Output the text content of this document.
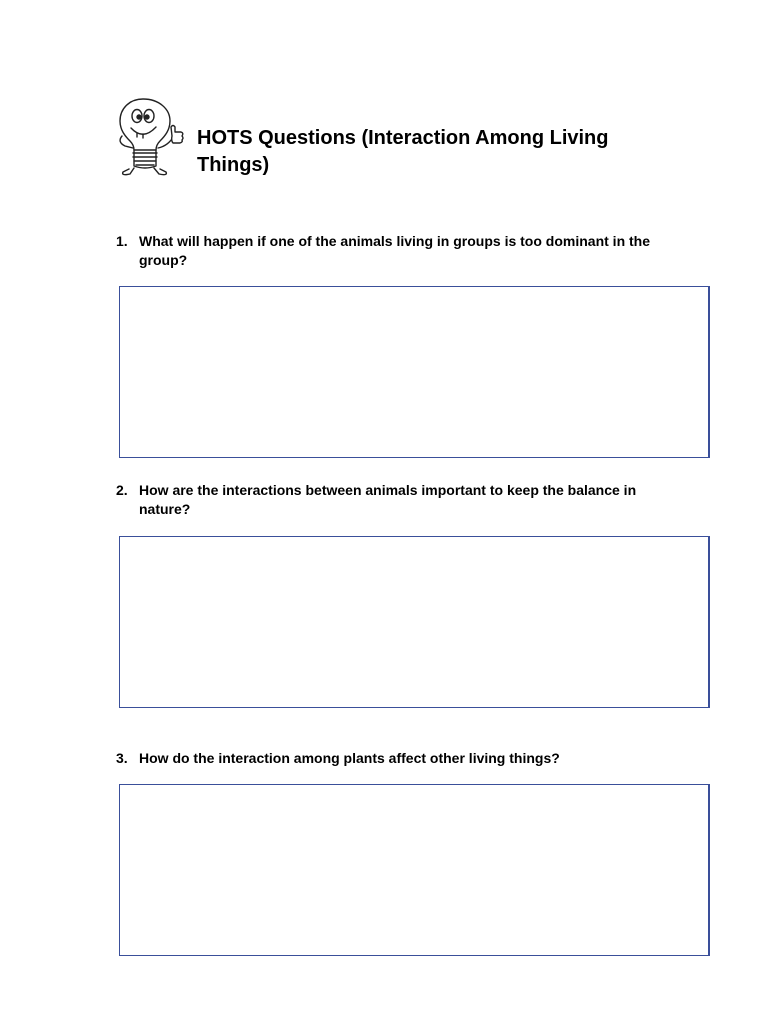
HOTS Questions (Interaction Among Living Things)
1. What will happen if one of the animals living in groups is too dominant in the group?
2. How are the interactions between animals important to keep the balance in nature?
3. How do the interaction among plants affect other living things?
